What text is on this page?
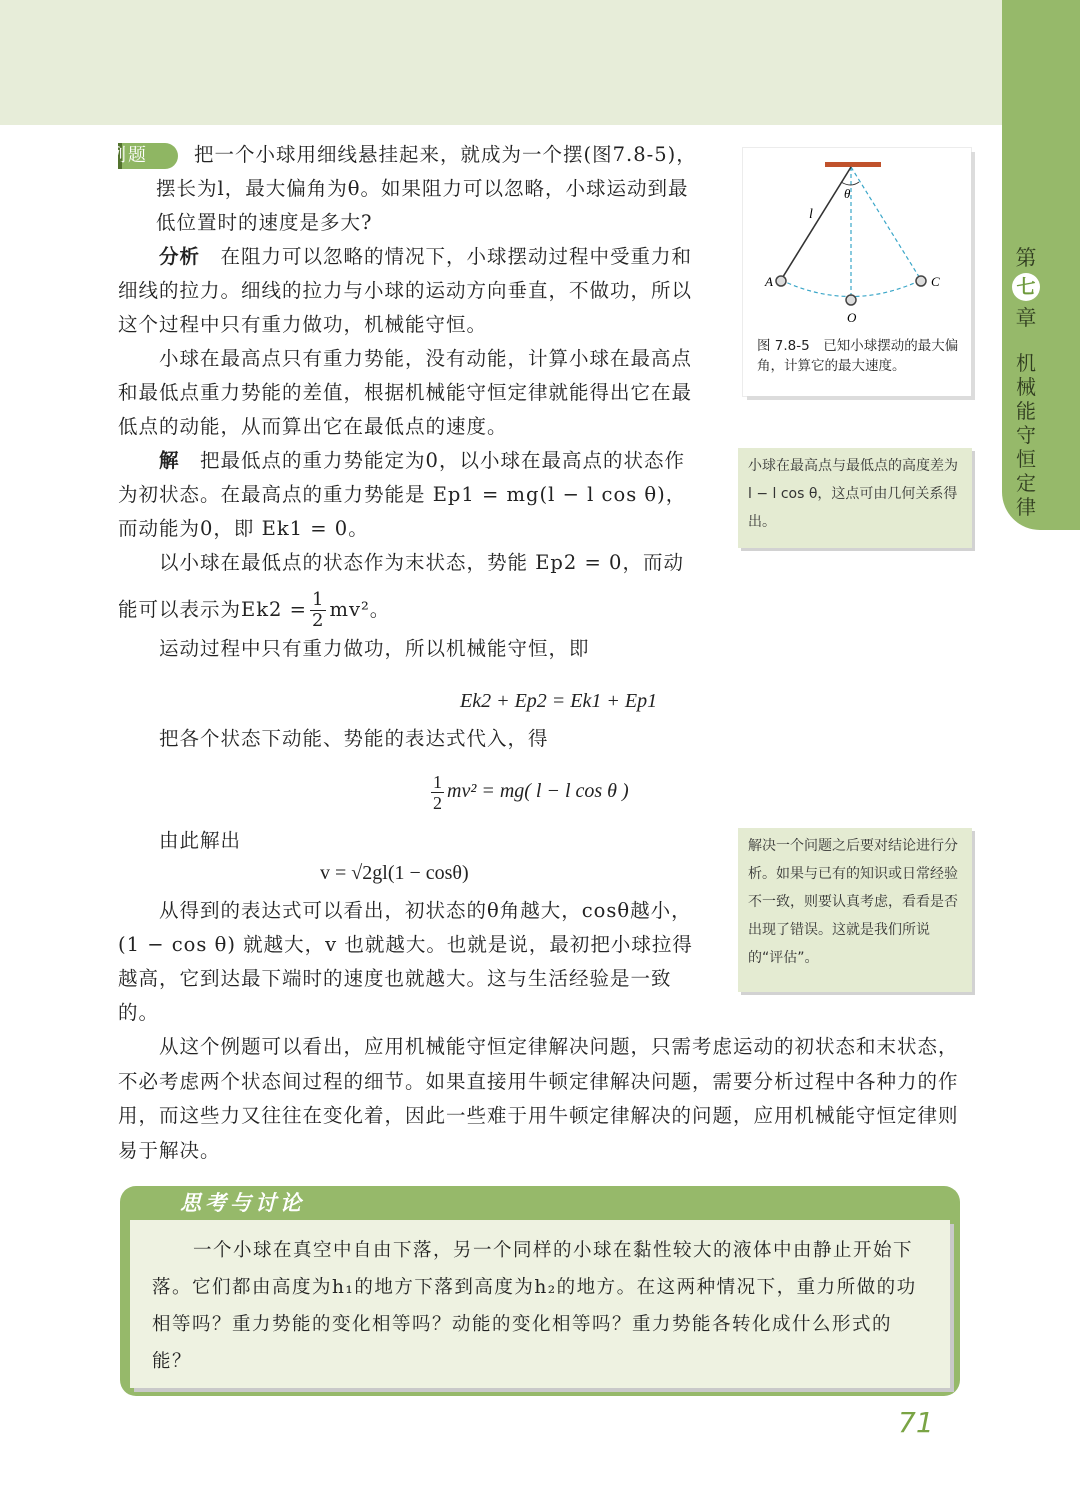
第
七
章
机械能守恒定律

例题 把一个小球用细线悬挂起来，就成为一个摆(图7.8-5)，摆长为l，最大偏角为θ。如果阻力可以忽略，小球运动到最低位置时的速度是多大?

分析　 在阻力可以忽略的情况下，小球摆动过程中受重力和细线的拉力。细线的拉力与小球的运动方向垂直，不做功，所以这个过程中只有重力做功，机械能守恒。

小球在最高点只有重力势能，没有动能，计算小球在最高点和最低点重力势能的差值，根据机械能守恒定律就能得出它在最低点的动能，从而算出它在最低点的速度。

解　 把最低点的重力势能定为0，以小球在最高点的状态作为初状态。在最高点的重力势能是 Ep1 = mg(l − l cos θ)，而动能为0，即 Ek1 = 0。

以小球在最低点的状态作为末状态，势能 Ep2 = 0，而动

能可以表示为$Ek2 = \frac{1}{2} mv^2$。

运动过程中只有重力做功，所以机械能守恒，即

Ek2 + Ep2 = Ek1 + Ep1

把各个状态下动能、势能的表达式代入，得

$\frac{1}{2} mv^2 = mg$( l − l cos θ )

由此解出

v = √2gl(1 − cosθ)

从得到的表达式可以看出，初状态的θ角越大，cosθ越小，(1 − cos θ) 就越大，v 也就越大。也就是说，最初把小球拉得越高，它到达最下端时的速度也就越大。这与生活经验是一致的。

θ
l
A	C
O
图 7.8-5　已知小球摆动的最大偏角，计算它的最大速度。
小球在最高点与最低点的高度差为 l − l cos θ，这点可由几何关系得出。
解决一个问题之后要对结论进行分析。如果与已有的知识或日常经验不一致，则要认真考虑，看看是否出现了错误。这就是我们所说的“评估”。

从这个例题可以看出，应用机械能守恒定律解决问题，只需考虑运动的初状态和末状态，不必考虑两个状态间过程的细节。如果直接用牛顿定律解决问题，需要分析过程中各种力的作用，而这些力又往往在变化着，因此一些难于用牛顿定律解决的问题，应用机械能守恒定律则易于解决。

思考与讨论

一个小球在真空中自由下落，另一个同样的小球在黏性较大的液体中由静止开始下落。它们都由高度为h₁的地方下落到高度为h₂的地方。在这两种情况下，重力所做的功相等吗？重力势能的变化相等吗？动能的变化相等吗？重力势能各转化成什么形式的能？

71
